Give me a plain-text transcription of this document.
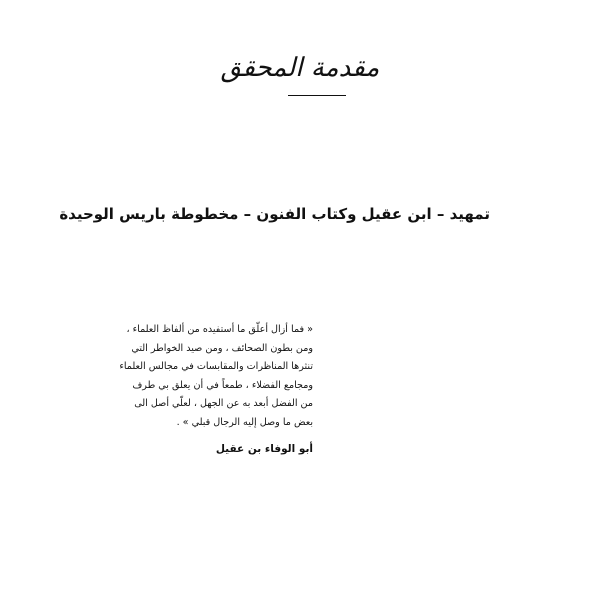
مقدمة المحقق
تمهيد – ابن عقيل وكتاب الفنون – مخطوطة باريس الوحيدة
« فما أزال أعلّق ما أستفيده من ألفاظ العلماء ،
ومن بطون الصحائف ، ومن صيد الخواطر التي
تنثرها المناظرات والمقابسات في مجالس العلماء
ومجامع الفضلاء ، طمعاً في أن يعلق بي طرف
من الفضل أبعد به عن الجهل ، لعلّي أصل الى
بعض ما وصل إليه الرجال قبلي » .
أبو الوفاء بن عقيل
